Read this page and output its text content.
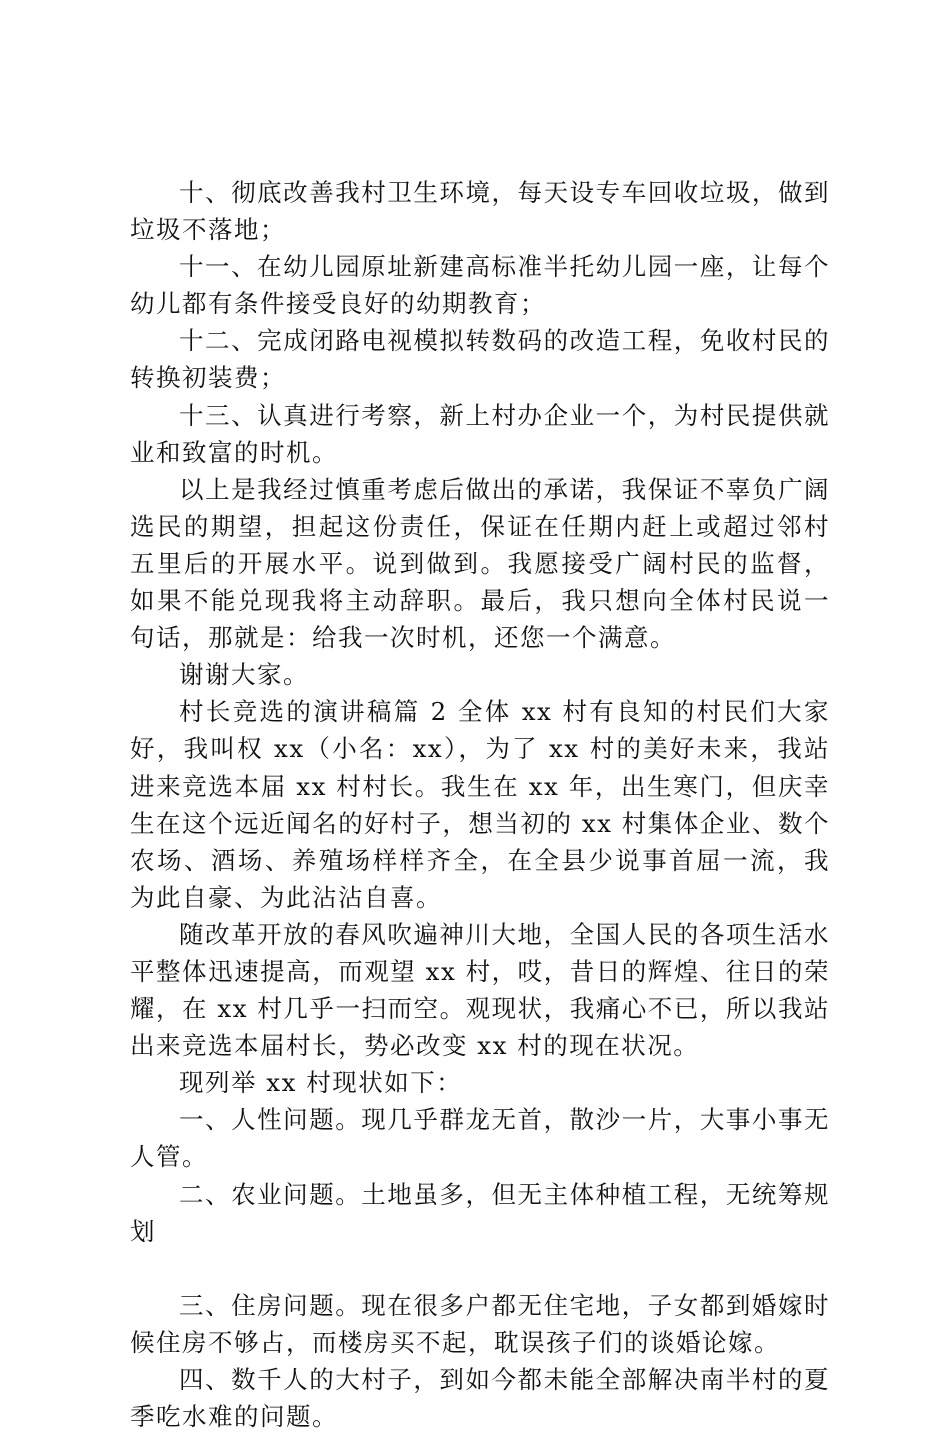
十、彻底改善我村卫生环境，每天设专车回收垃圾，做到垃圾不落地；

十一、在幼儿园原址新建高标准半托幼儿园一座，让每个幼儿都有条件接受良好的幼期教育；

十二、完成闭路电视模拟转数码的改造工程，免收村民的转换初装费；

十三、认真进行考察，新上村办企业一个，为村民提供就业和致富的时机。

以上是我经过慎重考虑后做出的承诺，我保证不辜负广阔选民的期望，担起这份责任，保证在任期内赶上或超过邻村五里后的开展水平。说到做到。我愿接受广阔村民的监督，如果不能兑现我将主动辞职。最后，我只想向全体村民说一句话，那就是：给我一次时机，还您一个满意。

谢谢大家。

村长竞选的演讲稿篇 2 全体 xx 村有良知的村民们大家好，我叫权 xx（小名：xx），为了 xx 村的美好未来，我站进来竞选本届 xx 村村长。我生在 xx 年，出生寒门，但庆幸生在这个远近闻名的好村子，想当初的 xx 村集体企业、数个农场、酒场、养殖场样样齐全，在全县少说事首屈一流，我为此自豪、为此沾沾自喜。

随改革开放的春风吹遍神川大地，全国人民的各项生活水平整体迅速提高，而观望 xx 村，哎，昔日的辉煌、往日的荣耀，在 xx 村几乎一扫而空。观现状，我痛心不已，所以我站出来竞选本届村长，势必改变 xx 村的现在状况。

现列举 xx 村现状如下：

一、人性问题。现几乎群龙无首，散沙一片，大事小事无人管。

二、农业问题。土地虽多，但无主体种植工程，无统筹规划

三、住房问题。现在很多户都无住宅地，子女都到婚嫁时候住房不够占，而楼房买不起，耽误孩子们的谈婚论嫁。

四、数千人的大村子，到如今都未能全部解决南半村的夏季吃水难的问题。
